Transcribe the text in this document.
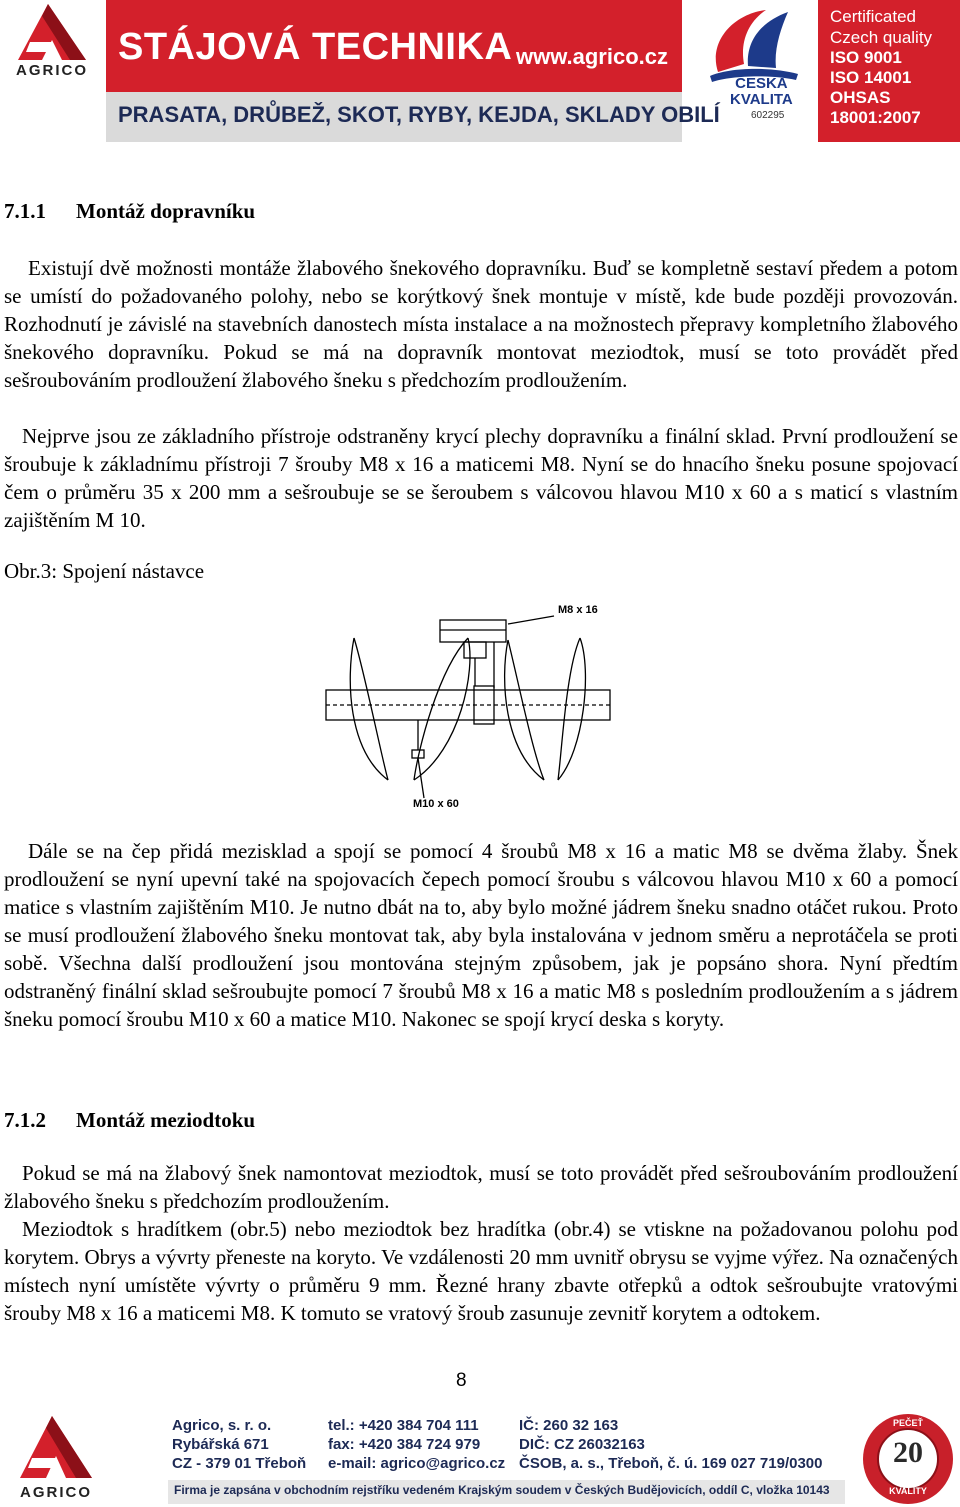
AGRICO
STÁJOVÁ TECHNIKA www.agrico.cz
PRASATA, DRŮBEŽ, SKOT, RYBY, KEJDA, SKLADY OBILÍ
ČESKÁ
KVALITA
602295
Certificated
Czech quality
ISO 9001
ISO 14001
OHSAS
18001:2007
7.1.1 Montáž dopravníku

Existují dvě možnosti montáže žlabového šnekového dopravníku. Buď se kompletně sestaví předem a potom se umístí do požadovaného polohy, nebo se korýtkový šnek montuje v místě, kde bude později provozován. Rozhodnutí je závislé na stavebních danostech místa instalace a na možnostech přepravy kompletního žlabového šnekového dopravníku. Pokud se má na dopravník montovat meziodtok, musí se toto provádět před sešroubováním prodloužení žlabového šneku s předchozím prodloužením.

Nejprve jsou ze základního přístroje odstraněny krycí plechy dopravníku a finální sklad. První prodloužení se šroubuje k základnímu přístroji 7 šrouby M8 x 16 a maticemi M8. Nyní se do hnacího šneku posune spojovací čem o průměru 35 x 200 mm a sešroubuje se se šeroubem s válcovou hlavou M10 x 60 a s maticí s vlastním zajištěním M 10.

Obr.3: Spojení nástavce
M8 x 16
M10 x 60

Dále se na čep přidá mezisklad a spojí se pomocí 4 šroubů M8 x 16 a matic M8 se dvěma žlaby. Šnek prodloužení se nyní upevní také na spojovacích čepech pomocí šroubu s válcovou hlavou M10 x 60 a pomocí matice s vlastním zajištěním M10. Je nutno dbát na to, aby bylo možné jádrem šneku snadno otáčet rukou. Proto se musí prodloužení žlabového šneku montovat tak, aby byla instalována v jednom směru a neprotáčela se proti sobě. Všechna další prodloužení jsou montována stejným způsobem, jak je popsáno shora. Nyní předtím odstraněný finální sklad sešroubujte pomocí 7 šroubů M8 x 16 a matic M8 s posledním prodloužením a s jádrem šneku pomocí šroubu M10 x 60 a matice M10. Nakonec se spojí krycí deska s koryty.

7.1.2 Montáž meziodtoku

Pokud se má na žlabový šnek namontovat meziodtok, musí se toto provádět před sešroubováním prodloužení žlabového šneku s předchozím prodloužením.

Meziodtok s hradítkem (obr.5) nebo meziodtok bez hradítka (obr.4) se vtiskne na požadovanou polohu pod korytem. Obrys a vývrty přeneste na koryto. Ve vzdálenosti 20 mm uvnitř obrysu se vyjme výřez. Na označených místech nyní umístěte vývrty o průměru 9 mm. Řezné hrany zbavte otřepků a odtok sešroubujte vratovými šrouby M8 x 16 a maticemi M8. K tomuto se vratový šroub zasunuje zevnitř korytem a odtokem.

8
AGRICO
Agrico, s. r. o.
Rybářská 671
CZ - 379 01 Třeboň
tel.: +420 384 704 111
fax: +420 384 724 979
e-mail: agrico@agrico.cz
IČ: 260 32 163
DIČ: CZ 26032163
ČSOB, a. s., Třeboň, č. ú. 169 027 719/0300
Firma je zapsána v obchodním rejstříku vedeném Krajským soudem v Českých Budějovicích, oddíl C, vložka 10143
PEČEŤ
20
KVALITY
